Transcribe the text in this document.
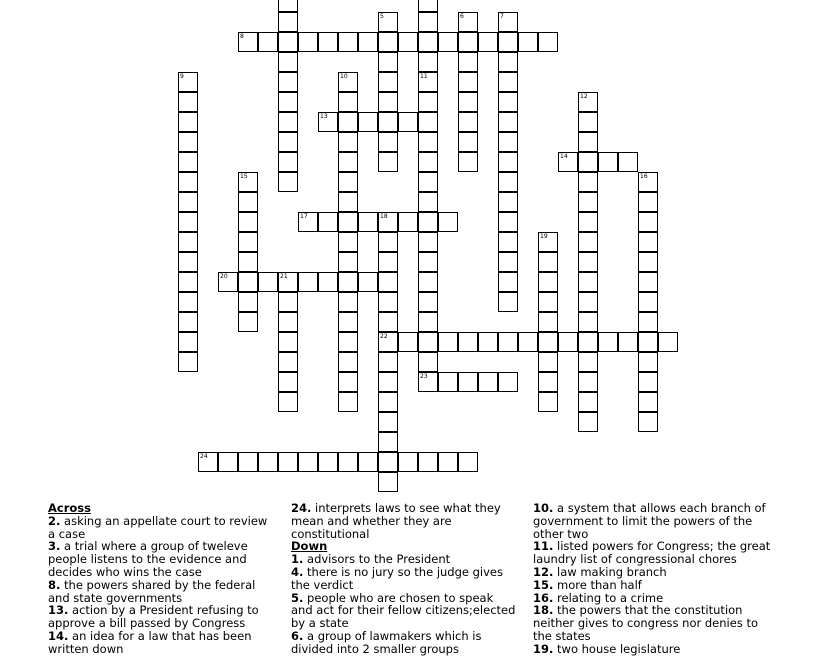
5	6	7
8
9	10	11
12
13
14
15	16
17	18
19
20	21
22
23
24
Across
2. asking an appellate court to review a case
3. a trial where a group of tweleve people listens to the evidence and decides who wins the case
8. the powers shared by the federal and state governments
13. action by a President refusing to approve a bill passed by Congress
14. an idea for a law that has been written down
24. interprets laws to see what they mean and whether they are constitutional
Down
1. advisors to the President
4. there is no jury so the judge gives the verdict
5. people who are chosen to speak and act for their fellow citizens;elected by a state
6. a group of lawmakers which is divided into 2 smaller groups
10. a system that allows each branch of government to limit the powers of the other two
11. listed powers for Congress; the great laundry list of congressional chores
12. law making branch
15. more than half
16. relating to a crime
18. the powers that the constitution neither gives to congress nor denies to the states
19. two house legislature
